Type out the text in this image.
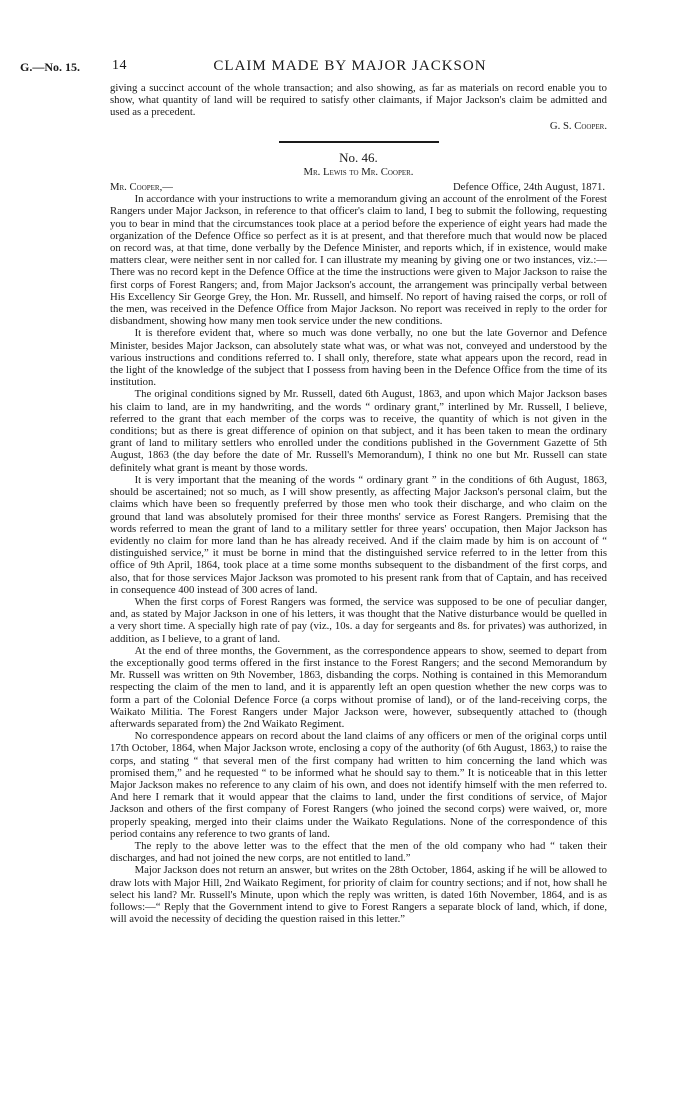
G.—No. 15. 14	CLAIM MADE BY MAJOR JACKSON

giving a succinct account of the whole transaction; and also showing, as far as materials on record enable you to show, what quantity of land will be required to satisfy other claimants, if Major Jackson's claim be admitted and used as a precedent.

G. S. Cooper.

No. 46.
Mr. Lewis to Mr. Cooper.
Mr. Cooper,—	Defence Office, 24th August, 1871.

In accordance with your instructions to write a memorandum giving an account of the enrolment of the Forest Rangers under Major Jackson, in reference to that officer's claim to land, I beg to submit the following, requesting you to bear in mind that the circumstances took place at a period before the experience of eight years had made the organization of the Defence Office so perfect as it is at present, and that therefore much that would now be placed on record was, at that time, done verbally by the Defence Minister, and reports which, if in existence, would make matters clear, were neither sent in nor called for. I can illustrate my meaning by giving one or two instances, viz.:—There was no record kept in the Defence Office at the time the instructions were given to Major Jackson to raise the first corps of Forest Rangers; and, from Major Jackson's account, the arrangement was principally verbal between His Excellency Sir George Grey, the Hon. Mr. Russell, and himself. No report of having raised the corps, or roll of the men, was received in the Defence Office from Major Jackson. No report was received in reply to the order for disbandment, showing how many men took service under the new conditions.

It is therefore evident that, where so much was done verbally, no one but the late Governor and Defence Minister, besides Major Jackson, can absolutely state what was, or what was not, conveyed and understood by the various instructions and conditions referred to. I shall only, therefore, state what appears upon the record, read in the light of the knowledge of the subject that I possess from having been in the Defence Office from the time of its institution.

The original conditions signed by Mr. Russell, dated 6th August, 1863, and upon which Major Jackson bases his claim to land, are in my handwriting, and the words “ ordinary grant,” interlined by Mr. Russell, I believe, referred to the grant that each member of the corps was to receive, the quantity of which is not given in the conditions; but as there is great difference of opinion on that subject, and it has been taken to mean the ordinary grant of land to military settlers who enrolled under the conditions published in the Government Gazette of 5th August, 1863 (the day before the date of Mr. Russell's Memorandum), I think no one but Mr. Russell can state definitely what grant is meant by those words.

It is very important that the meaning of the words “ ordinary grant ” in the conditions of 6th August, 1863, should be ascertained; not so much, as I will show presently, as affecting Major Jackson's personal claim, but the claims which have been so frequently preferred by those men who took their discharge, and who claim on the ground that land was absolutely promised for their three months' service as Forest Rangers. Premising that the words referred to mean the grant of land to a military settler for three years' occupation, then Major Jackson has evidently no claim for more land than he has already received. And if the claim made by him is on account of “ distinguished service,” it must be borne in mind that the distinguished service referred to in the letter from this office of 9th April, 1864, took place at a time some months subsequent to the disbandment of the first corps, and also, that for those services Major Jackson was promoted to his present rank from that of Captain, and has received in consequence 400 instead of 300 acres of land.

When the first corps of Forest Rangers was formed, the service was supposed to be one of peculiar danger, and, as stated by Major Jackson in one of his letters, it was thought that the Native disturbance would be quelled in a very short time. A specially high rate of pay (viz., 10s. a day for sergeants and 8s. for privates) was authorized, in addition, as I believe, to a grant of land.

At the end of three months, the Government, as the correspondence appears to show, seemed to depart from the exceptionally good terms offered in the first instance to the Forest Rangers; and the second Memorandum by Mr. Russell was written on 9th November, 1863, disbanding the corps. Nothing is contained in this Memorandum respecting the claim of the men to land, and it is apparently left an open question whether the new corps was to form a part of the Colonial Defence Force (a corps without promise of land), or of the land-receiving corps, the Waikato Militia. The Forest Rangers under Major Jackson were, however, subsequently attached to (though afterwards separated from) the 2nd Waikato Regiment.

No correspondence appears on record about the land claims of any officers or men of the original corps until 17th October, 1864, when Major Jackson wrote, enclosing a copy of the authority (of 6th August, 1863,) to raise the corps, and stating “ that several men of the first company had written to him concerning the land which was promised them,” and he requested “ to be informed what he should say to them.” It is noticeable that in this letter Major Jackson makes no reference to any claim of his own, and does not identify himself with the men referred to. And here I remark that it would appear that the claims to land, under the first conditions of service, of Major Jackson and others of the first company of Forest Rangers (who joined the second corps) were waived, or, more properly speaking, merged into their claims under the Waikato Regulations. None of the correspondence of this period contains any reference to two grants of land.

The reply to the above letter was to the effect that the men of the old company who had “ taken their discharges, and had not joined the new corps, are not entitled to land.”

Major Jackson does not return an answer, but writes on the 28th October, 1864, asking if he will be allowed to draw lots with Major Hill, 2nd Waikato Regiment, for priority of claim for country sections; and if not, how shall he select his land? Mr. Russell's Minute, upon which the reply was written, is dated 16th November, 1864, and is as follows:—“ Reply that the Government intend to give to Forest Rangers a separate block of land, which, if done, will avoid the necessity of deciding the question raised in this letter.”
